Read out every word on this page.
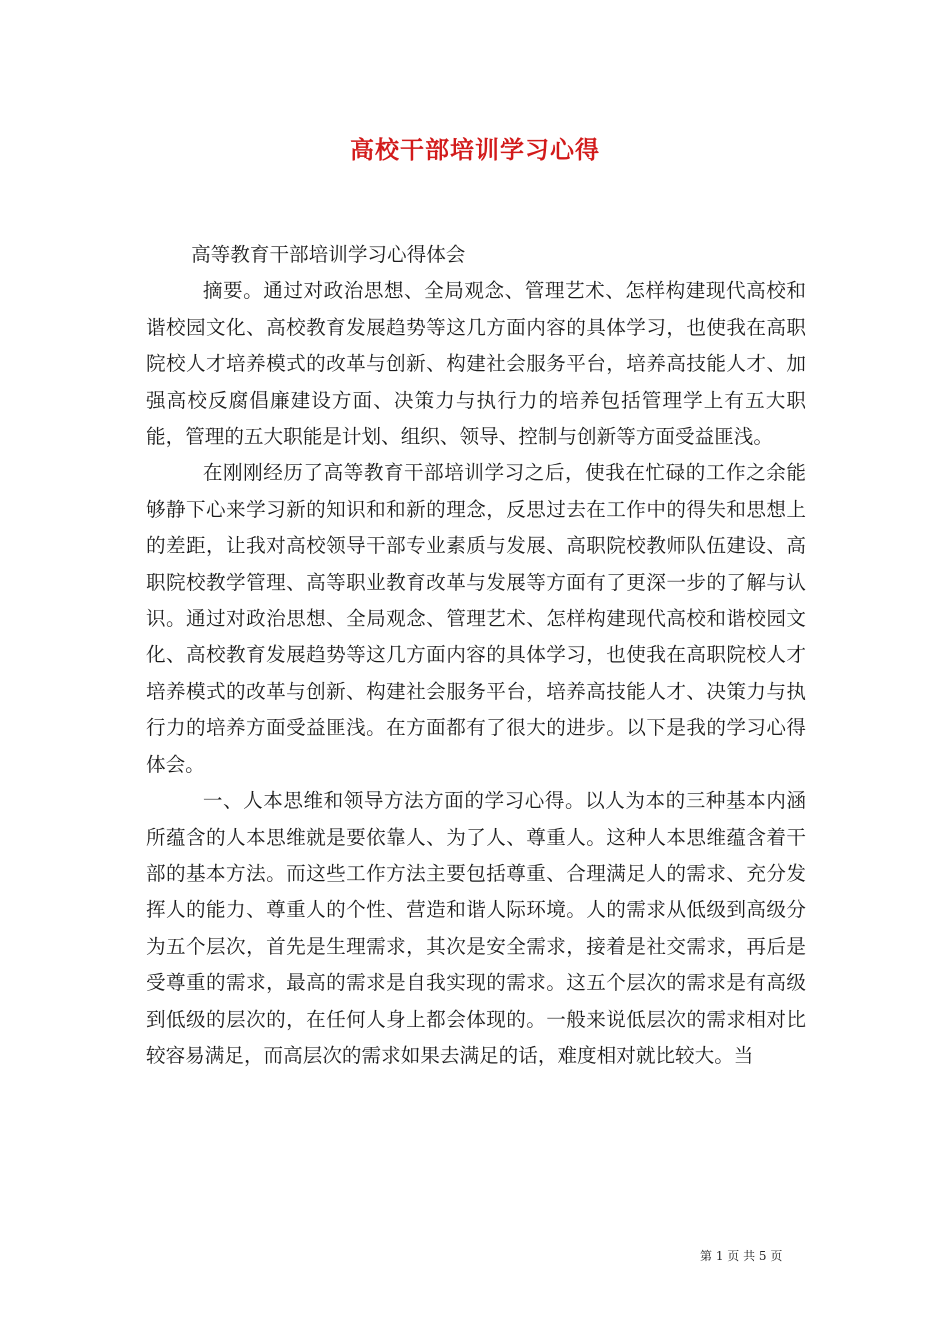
高校干部培训学习心得

高等教育干部培训学习心得体会

摘要。通过对政治思想、全局观念、管理艺术、怎样构建现代高校和谐校园文化、高校教育发展趋势等这几方面内容的具体学习，也使我在高职院校人才培养模式的改革与创新、构建社会服务平台，培养高技能人才、加强高校反腐倡廉建设方面、决策力与执行力的培养包括管理学上有五大职能，管理的五大职能是计划、组织、领导、控制与创新等方面受益匪浅。

在刚刚经历了高等教育干部培训学习之后，使我在忙碌的工作之余能够静下心来学习新的知识和和新的理念，反思过去在工作中的得失和思想上的差距，让我对高校领导干部专业素质与发展、高职院校教师队伍建设、高职院校教学管理、高等职业教育改革与发展等方面有了更深一步的了解与认识。通过对政治思想、全局观念、管理艺术、怎样构建现代高校和谐校园文化、高校教育发展趋势等这几方面内容的具体学习，也使我在高职院校人才培养模式的改革与创新、构建社会服务平台，培养高技能人才、决策力与执行力的培养方面受益匪浅。在方面都有了很大的进步。以下是我的学习心得体会。

一、人本思维和领导方法方面的学习心得。以人为本的三种基本内涵所蕴含的人本思维就是要依靠人、为了人、尊重人。这种人本思维蕴含着干部的基本方法。而这些工作方法主要包括尊重、合理满足人的需求、充分发挥人的能力、尊重人的个性、营造和谐人际环境。人的需求从低级到高级分为五个层次，首先是生理需求，其次是安全需求，接着是社交需求，再后是受尊重的需求，最高的需求是自我实现的需求。这五个层次的需求是有高级到低级的层次的，在任何人身上都会体现的。一般来说低层次的需求相对比较容易满足，而高层次的需求如果去满足的话，难度相对就比较大。当

第 1 页 共 5 页
